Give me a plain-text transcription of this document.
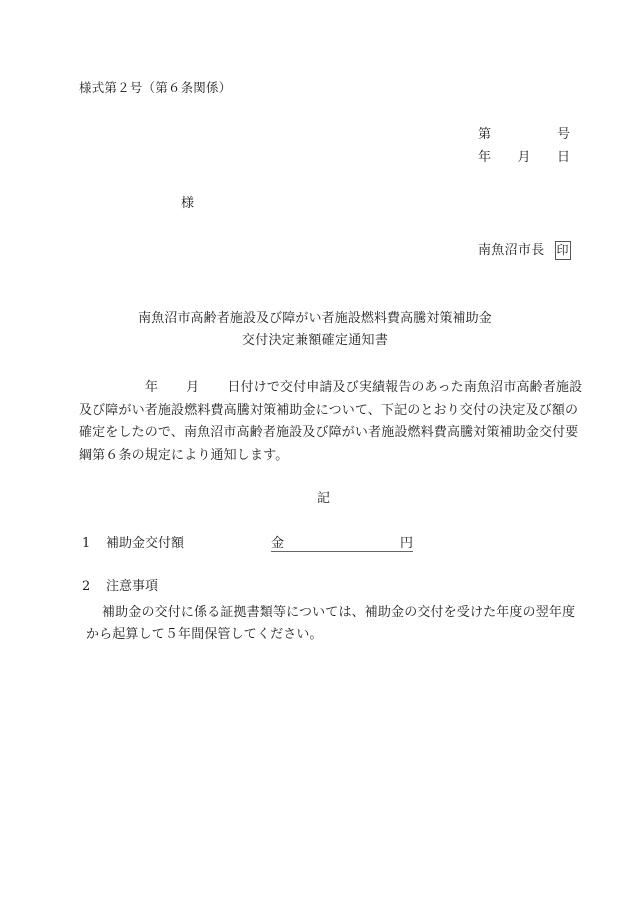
様式第２号（第６条関係）
第	号
年 月 日
様
南魚沼市長 印
南魚沼市高齢者施設及び障がい者施設燃料費高騰対策補助金
交付決定兼額確定通知書
年 月 日付けで交付申請及び実績報告のあった南魚沼市高齢者施設
及び障がい者施設燃料費高騰対策補助金について、下記のとおり交付の決定及び額の
確定をしたので、南魚沼市高齢者施設及び障がい者施設燃料費高騰対策補助金交付要
綱第６条の規定により通知します。
記
1	補助金交付額	金	円
2	注意事項
補助金の交付に係る証拠書類等については、補助金の交付を受けた年度の翌年度
から起算して５年間保管してください。
